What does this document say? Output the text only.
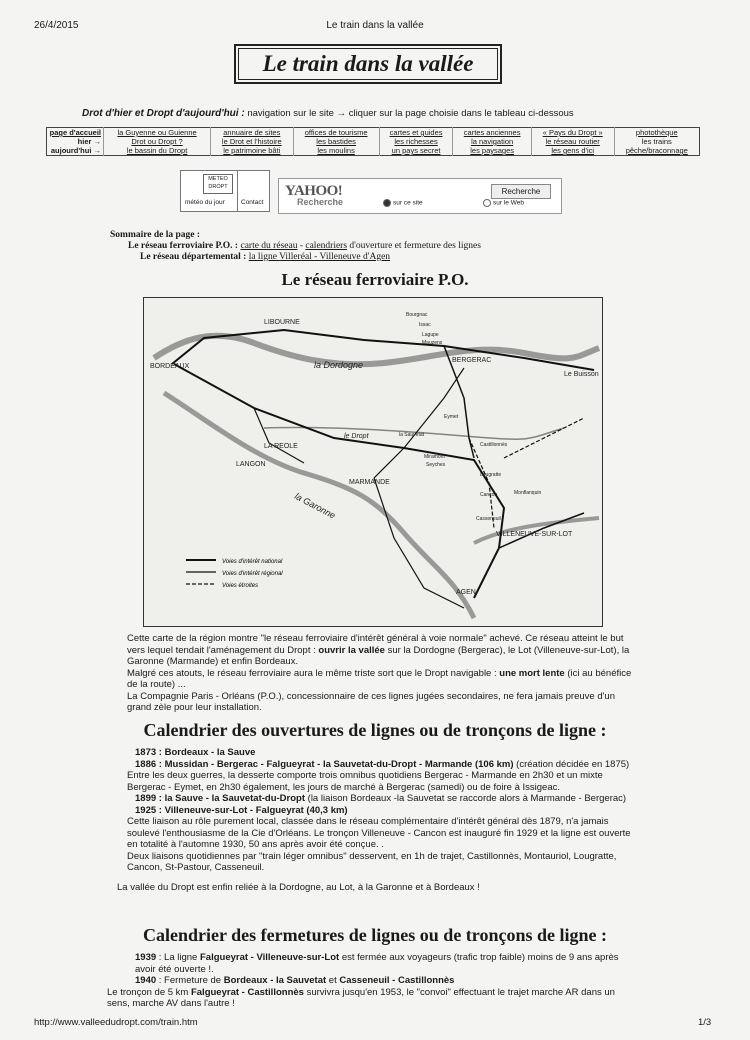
26/4/2015	Le train dans la vallée
Le train dans la vallée
Drot d'hier et Dropt d'aujourd'hui : navigation sur le site → cliquer sur la page choisie dans le tableau ci-dessous
page d'accueil	la Guyenne ou Guienne	annuaire de sites	offices de tourisme	cartes et guides	cartes anciennes	« Pays du Dropt »	photothèque
hier →	Drot ou Dropt ?	le Drot et l'histoire	les bastides	les richesses	la navigation	le réseau routier	les trains
aujourd'hui →	le bassin du Dropt	le patrimoine bâti	les moulins	un pays secret	les paysages	les gens d'ici	pêche/braconnage
METEO DROPT
météo du jour	Contact
YAHOO!
Recherche
Recherche
sur ce site	sur le Web
Sommaire de la page :
Le réseau ferroviaire P.O. : carte du réseau - calendriers d'ouverture et fermeture des lignes
Le réseau départemental : la ligne Villeréal - Villeneuve d'Agen
Le réseau ferroviaire P.O.
LIBOURNE
BORDEAUX	la Dordogne	BERGERAC
LA REOLE
LANGON
la Garonne
MARMANDE
VILLENEUVE-SUR-LOT
AGEN
Le Buisson
le Dropt
Bourgnac
Issac
Lagupe
Mauzens
Eymet
Castillonnès
Seyches
Miramont
Lougratte
Cancon	Monflanquin
Casseneuil
la Sauvetat
Voies d'intérêt national
Voies d'intérêt régional
Voies étroites
Cette carte de la région montre "le réseau ferroviaire d'intérêt général à voie normale" achevé. Ce réseau atteint le but vers lequel tendait l'aménagement du Dropt : ouvrir la vallée sur la Dordogne (Bergerac), le Lot (Villeneuve-sur-Lot), la Garonne (Marmande) et enfin Bordeaux.
Malgré ces atouts, le réseau ferroviaire aura le même triste sort que le Dropt navigable : une mort lente (ici au bénéfice de la route) ...
La Compagnie Paris - Orléans (P.O.), concessionnaire de ces lignes jugées secondaires, ne fera jamais preuve d'un grand zèle pour leur installation.
Calendrier des ouvertures de lignes ou de tronçons de ligne :
1873 : Bordeaux - la Sauve
1886 : Mussidan - Bergerac - Falgueyrat - la Sauvetat-du-Dropt - Marmande (106 km) (création décidée en 1875)
Entre les deux guerres, la desserte comporte trois omnibus quotidiens Bergerac - Marmande en 2h30 et un mixte Bergerac - Eymet, en 2h30 également, les jours de marché à Bergerac (samedi) ou de foire à Issigeac.
1899 : la Sauve - la Sauvetat-du-Dropt (la liaison Bordeaux -la Sauvetat se raccorde alors à Marmande - Bergerac)
1925 : Villeneuve-sur-Lot - Falgueyrat (40,3 km)
Cette liaison au rôle purement local, classée dans le réseau complémentaire d'intérêt général dès 1879, n'a jamais soulevé l'enthousiasme de la Cie d'Orléans. Le tronçon Villeneuve - Cancon est inauguré fin 1929 et la ligne est ouverte en totalité à l'automne 1930, 50 ans après avoir été conçue. .
Deux liaisons quotidiennes par "train léger omnibus" desservent, en 1h de trajet, Castillonnès, Montauriol, Lougratte, Cancon, St-Pastour, Casseneuil.
La vallée du Dropt est enfin reliée à la Dordogne, au Lot, à la Garonne et à Bordeaux !
Calendrier des fermetures de lignes ou de tronçons de ligne :
1939 : La ligne Falgueyrat - Villeneuve-sur-Lot est fermée aux voyageurs (trafic trop faible) moins de 9 ans après avoir été ouverte !.
1940 : Fermeture de Bordeaux - la Sauvetat et Casseneuil - Castillonnès
Le tronçon de 5 km Falgueyrat - Castillonnès survivra jusqu'en 1953, le "convoi" effectuant le trajet marche AR dans un sens, marche AV dans l'autre !
http://www.valleedudropt.com/train.htm	1/3
